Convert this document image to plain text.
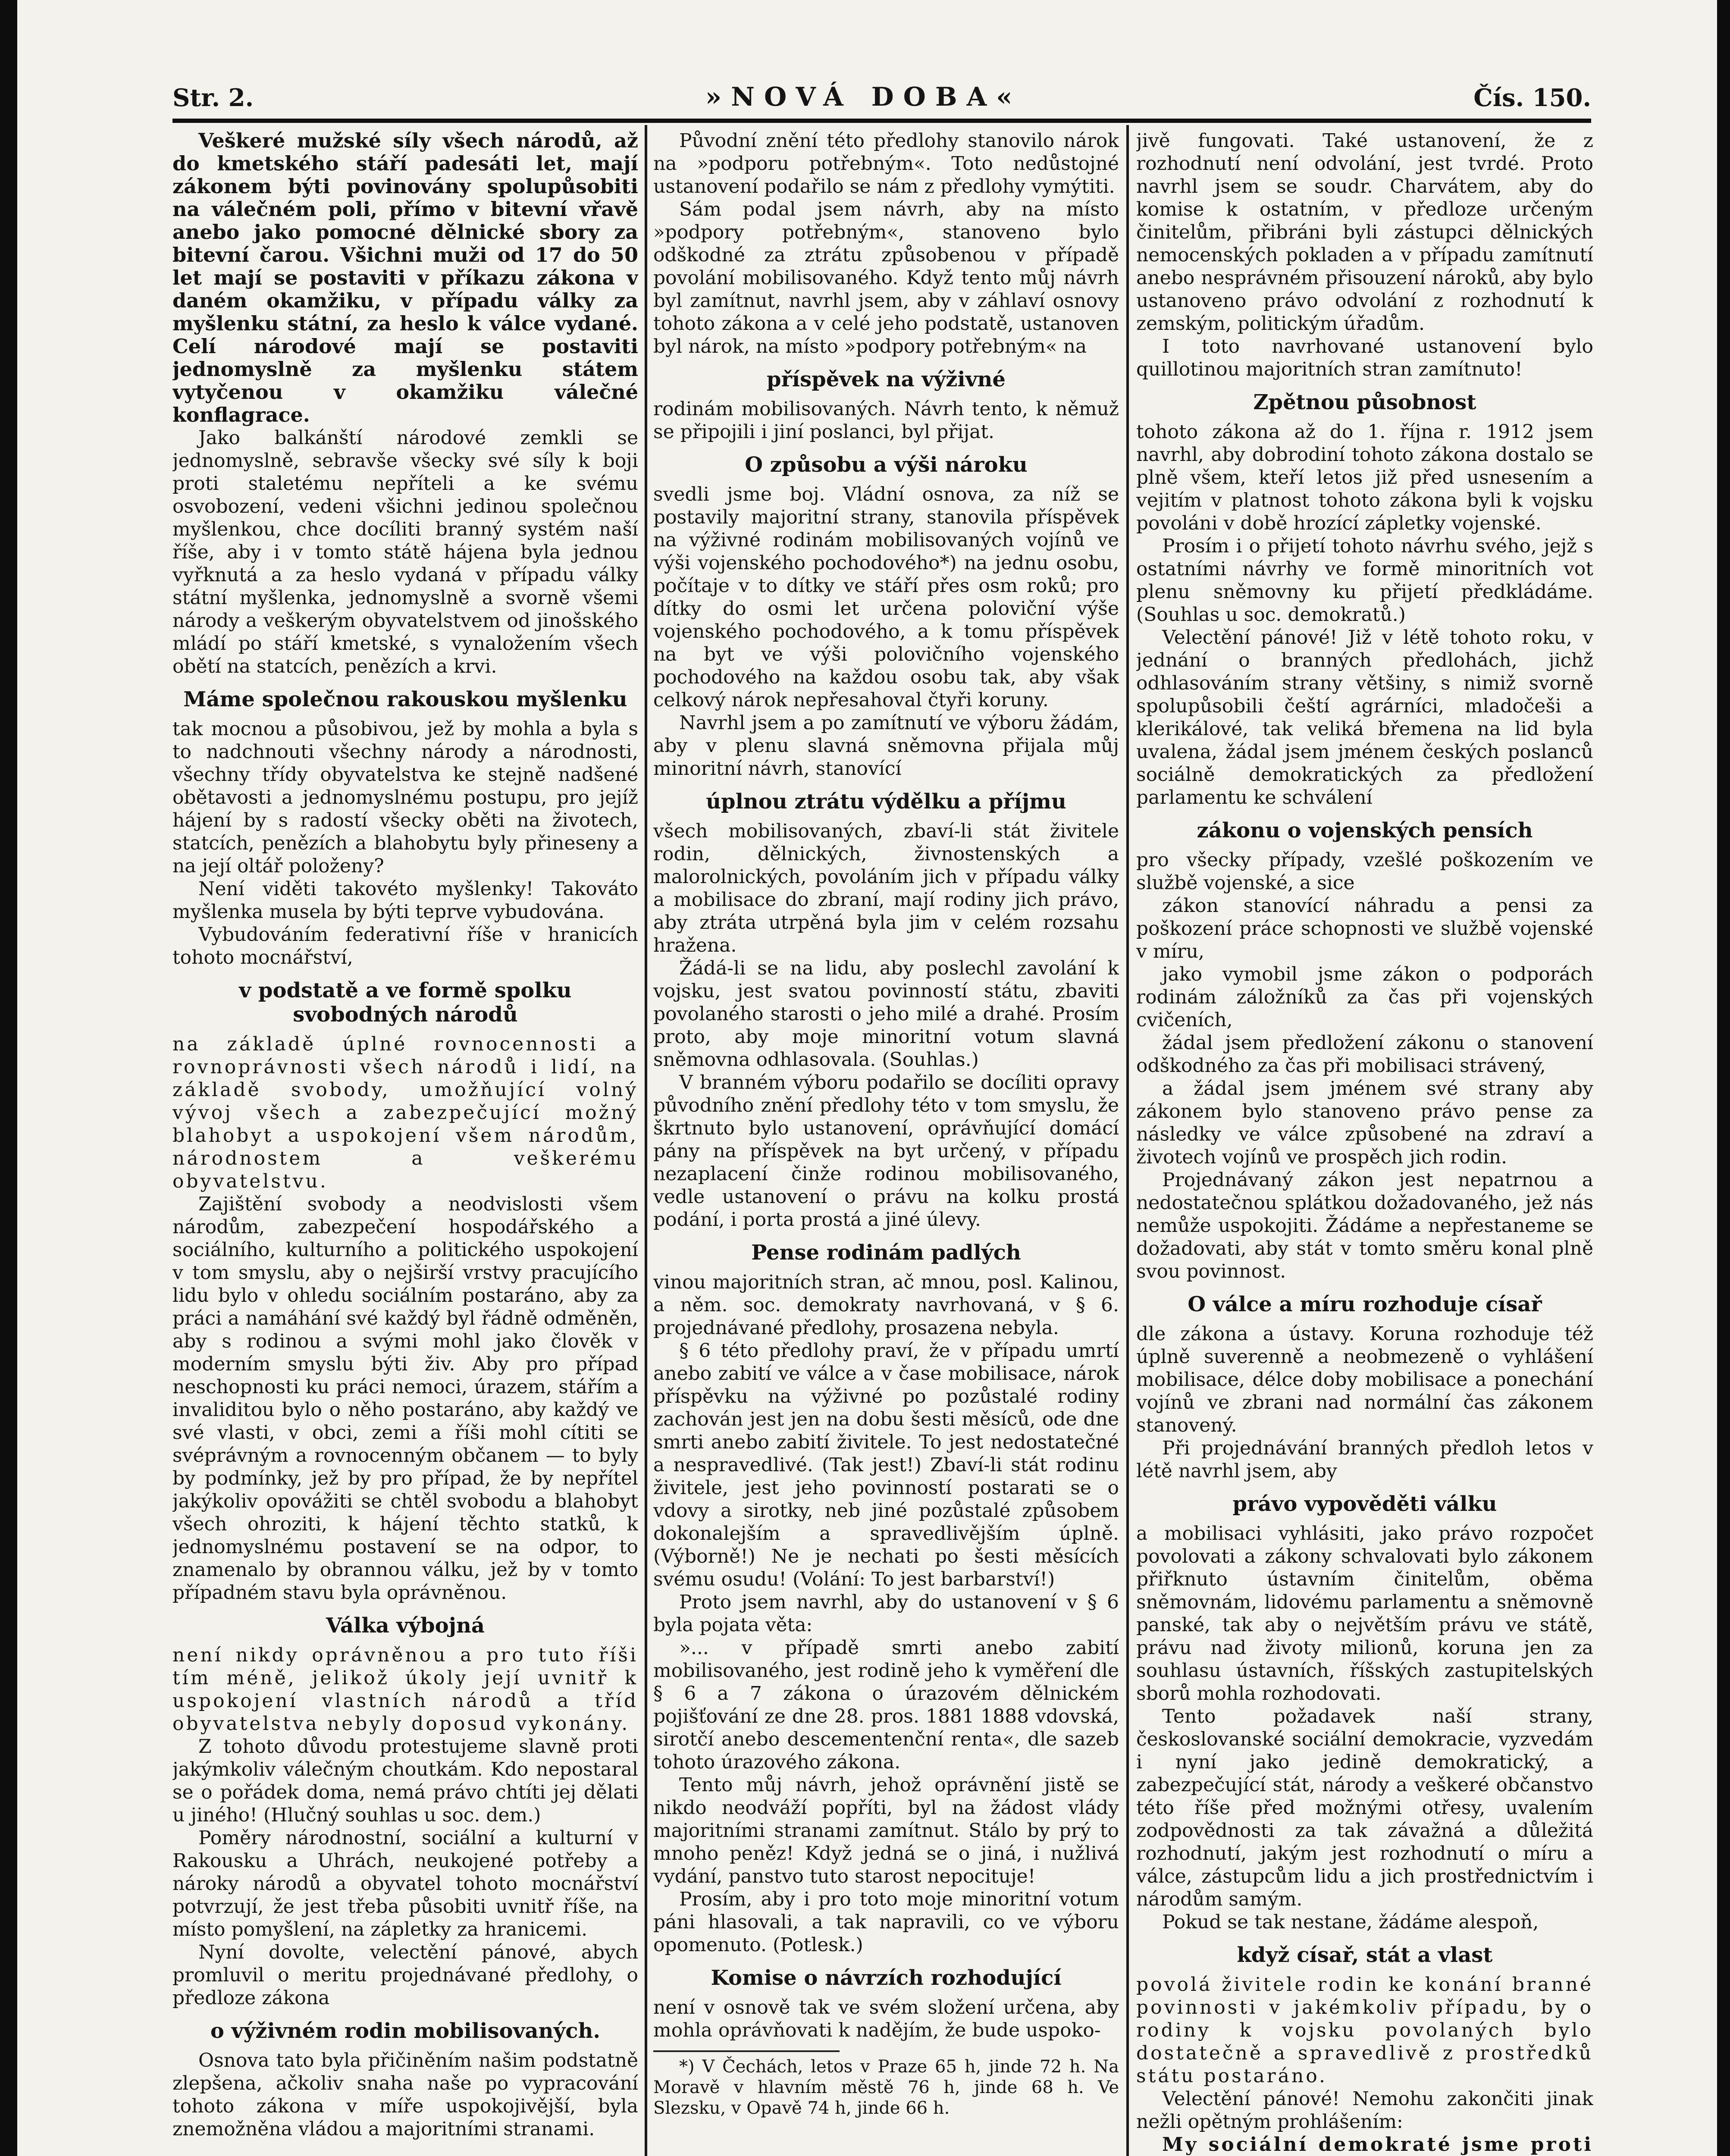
Str. 2.	»NOVÁ DOBA«	Čís. 150.

Veškeré mužské síly všech národů, až do kmetského stáří padesáti let, mají zákonem býti povinovány spolupůsobiti na válečném poli, přímo v bitevní vřavě anebo jako pomocné dělnické sbory za bitevní čarou. Všichni muži od 17 do 50 let mají se postaviti v příkazu zákona v daném okamžiku, v případu války za myšlenku státní, za heslo k válce vydané. Celí národové mají se postaviti jednomyslně za myšlenku státem vytyčenou v okamžiku válečné konflagrace.

Jako balkánští národové zemkli se jednomyslně, sebravše všecky své síly k boji proti staletému nepříteli a ke svému osvobození, vedeni všichni jedinou společnou myšlenkou, chce docíliti branný systém naší říše, aby i v tomto státě hájena byla jednou vyřknutá a za heslo vydaná v případu války státní myšlenka, jednomyslně a svorně všemi národy a veškerým obyvatelstvem od jinošského mládí po stáří kmetské, s vynaložením všech obětí na statcích, penězích a krvi.

Máme společnou rakouskou myšlenku

tak mocnou a působivou, jež by mohla a byla s to nadchnouti všechny národy a národnosti, všechny třídy obyvatelstva ke stejně nadšené obětavosti a jednomyslnému postupu, pro jejíž hájení by s radostí všecky oběti na životech, statcích, penězích a blahobytu byly přineseny a na její oltář položeny?

Není viděti takovéto myšlenky! Takováto myšlenka musela by býti teprve vybudována.

Vybudováním federativní říše v hranicích tohoto mocnářství,

v podstatě a ve formě spolku svobodných národů

na základě úplné rovnocennosti a rovnoprávnosti všech národů i lidí, na základě svobody, umožňující volný vývoj všech a zabezpečující možný blahobyt a uspokojení všem národům, národnostem a veškerému obyvatelstvu.

Zajištění svobody a neodvislosti všem národům, zabezpečení hospodářského a sociálního, kulturního a politického uspokojení v tom smyslu, aby o nejširší vrstvy pracujícího lidu bylo v ohledu sociálním postaráno, aby za práci a namáhání své každý byl řádně odměněn, aby s rodinou a svými mohl jako člověk v moderním smyslu býti živ. Aby pro případ neschopnosti ku práci nemoci, úrazem, stářím a invaliditou bylo o něho postaráno, aby každý ve své vlasti, v obci, zemi a říši mohl cítiti se svéprávným a rovnocenným občanem — to byly by podmínky, jež by pro případ, že by nepřítel jakýkoliv opovážiti se chtěl svobodu a blahobyt všech ohroziti, k hájení těchto statků, k jednomyslnému postavení se na odpor, to znamenalo by obrannou válku, jež by v tomto případném stavu byla oprávněnou.

Válka výbojná

není nikdy oprávněnou a pro tuto říši tím méně, jelikož úkoly její uvnitř k uspokojení vlastních národů a tříd obyvatelstva nebyly doposud vykonány.

Z tohoto důvodu protestujeme slavně proti jakýmkoliv válečným choutkám. Kdo nepostaral se o pořádek doma, nemá právo chtíti jej dělati u jiného! (Hlučný souhlas u soc. dem.)

Poměry národnostní, sociální a kulturní v Rakousku a Uhrách, neukojené potřeby a nároky národů a obyvatel tohoto mocnářství potvrzují, že jest třeba působiti uvnitř říše, na místo pomyšlení, na zápletky za hranicemi.

Nyní dovolte, velectění pánové, abych promluvil o meritu projednávané předlohy, o předloze zákona

o výživném rodin mobilisovaných.

Osnova tato byla přičiněním našim podstatně zlepšena, ačkoliv snaha naše po vypracování tohoto zákona v míře uspokojivější, byla znemožněna vládou a majoritními stranami.

Původní znění této předlohy stanovilo nárok na »podporu potřebným«. Toto nedůstojné ustanovení podařilo se nám z předlohy vymýtiti.

Sám podal jsem návrh, aby na místo »podpory potřebným«, stanoveno bylo odškodné za ztrátu způsobenou v případě povolání mobilisovaného. Když tento můj návrh byl zamítnut, navrhl jsem, aby v záhlaví osnovy tohoto zákona a v celé jeho podstatě, ustanoven byl nárok, na místo »podpory potřebným« na

příspěvek na výživné

rodinám mobilisovaných. Návrh tento, k němuž se připojili i jiní poslanci, byl přijat.

O způsobu a výši nároku

svedli jsme boj. Vládní osnova, za níž se postavily majoritní strany, stanovila příspěvek na výživné rodinám mobilisovaných vojínů ve výši vojenského pochodového*) na jednu osobu, počítaje v to dítky ve stáří přes osm roků; pro dítky do osmi let určena poloviční výše vojenského pochodového, a k tomu příspěvek na byt ve výši polovičního vojenského pochodového na každou osobu tak, aby však celkový nárok nepřesahoval čtyři koruny.

Navrhl jsem a po zamítnutí ve výboru žádám, aby v plenu slavná sněmovna přijala můj minoritní návrh, stanovící

úplnou ztrátu výdělku a příjmu

všech mobilisovaných, zbaví-li stát živitele rodin, dělnických, živnostenských a malorolnických, povoláním jich v případu války a mobilisace do zbraní, mají rodiny jich právo, aby ztráta utrpěná byla jim v celém rozsahu hražena.

Žádá-li se na lidu, aby poslechl zavolání k vojsku, jest svatou povinností státu, zbaviti povolaného starosti o jeho milé a drahé. Prosím proto, aby moje minoritní votum slavná sněmovna odhlasovala. (Souhlas.)

V branném výboru podařilo se docíliti opravy původního znění předlohy této v tom smyslu, že škrtnuto bylo ustanovení, oprávňující domácí pány na příspěvek na byt určený, v případu nezaplacení činže rodinou mobilisovaného, vedle ustanovení o právu na kolku prostá podání, i porta prostá a jiné úlevy.

Pense rodinám padlých

vinou majoritních stran, ač mnou, posl. Kalinou, a něm. soc. demokraty navrhovaná, v § 6. projednávané předlohy, prosazena nebyla.

§ 6 této předlohy praví, že v případu umrtí anebo zabití ve válce a v čase mobilisace, nárok příspěvku na výživné po pozůstalé rodiny zachován jest jen na dobu šesti měsíců, ode dne smrti anebo zabití živitele. To jest nedostatečné a nespravedlivé. (Tak jest!) Zbaví-li stát rodinu živitele, jest jeho povinností postarati se o vdovy a sirotky, neb jiné pozůstalé způsobem dokonalejším a spravedlivějším úplně. (Výborně!) Ne je nechati po šesti měsících svému osudu! (Volání: To jest barbarství!)

Proto jsem navrhl, aby do ustanovení v § 6 byla pojata věta:

»... v případě smrti anebo zabití mobilisovaného, jest rodině jeho k vyměření dle § 6 a 7 zákona o úrazovém dělnickém pojišťování ze dne 28. pros. 1881 1888 vdovská, sirotčí anebo descementenční renta«, dle sazeb tohoto úrazového zákona.

Tento můj návrh, jehož oprávnění jistě se nikdo neodváží popříti, byl na žádost vlády majoritními stranami zamítnut. Stálo by prý to mnoho peněz! Když jedná se o jiná, i nužlivá vydání, panstvo tuto starost nepocituje!

Prosím, aby i pro toto moje minoritní votum páni hlasovali, a tak napravili, co ve výboru opomenuto. (Potlesk.)

Komise o návrzích rozhodující

není v osnově tak ve svém složení určena, aby mohla oprávňovati k nadějím, že bude uspoko-

*) V Čechách, letos v Praze 65 h, jinde 72 h. Na Moravě v hlavním městě 76 h, jinde 68 h. Ve Slezsku, v Opavě 74 h, jinde 66 h.

jivě fungovati. Také ustanovení, že z rozhodnutí není odvolání, jest tvrdé. Proto navrhl jsem se soudr. Charvátem, aby do komise k ostatním, v předloze určeným činitelům, přibráni byli zástupci dělnických nemocenských pokladen a v případu zamítnutí anebo nesprávném přisouzení nároků, aby bylo ustanoveno právo odvolání z rozhodnutí k zemským, politickým úřadům.

I toto navrhované ustanovení bylo quillotinou majoritních stran zamítnuto!

Zpětnou působnost

tohoto zákona až do 1. října r. 1912 jsem navrhl, aby dobrodiní tohoto zákona dostalo se plně všem, kteří letos již před usnesením a vejitím v platnost tohoto zákona byli k vojsku povoláni v době hrozící zápletky vojenské.

Prosím i o přijetí tohoto návrhu svého, jejž s ostatními návrhy ve formě minoritních vot plenu sněmovny ku přijetí předkládáme. (Souhlas u soc. demokratů.)

Velectění pánové! Již v létě tohoto roku, v jednání o branných předlohách, jichž odhlasováním strany většiny, s nimiž svorně spolupůsobili čeští agrárníci, mladočeši a klerikálové, tak veliká břemena na lid byla uvalena, žádal jsem jménem českých poslanců sociálně demokratických za předložení parlamentu ke schválení

zákonu o vojenských pensích

pro všecky případy, vzešlé poškozením ve službě vojenské, a sice

zákon stanovící náhradu a pensi za poškození práce schopnosti ve službě vojenské v míru,

jako vymobil jsme zákon o podporách rodinám záložníků za čas při vojenských cvičeních,

žádal jsem předložení zákonu o stanovení odškodného za čas při mobilisaci strávený,

a žádal jsem jménem své strany aby zákonem bylo stanoveno právo pense za následky ve válce způsobené na zdraví a životech vojínů ve prospěch jich rodin.

Projednávaný zákon jest nepatrnou a nedostatečnou splátkou dožadovaného, jež nás nemůže uspokojiti. Žádáme a nepřestaneme se dožadovati, aby stát v tomto směru konal plně svou povinnost.

O válce a míru rozhoduje císař

dle zákona a ústavy. Koruna rozhoduje též úplně suverenně a neobmezeně o vyhlášení mobilisace, délce doby mobilisace a ponechání vojínů ve zbrani nad normální čas zákonem stanovený.

Při projednávání branných předloh letos v létě navrhl jsem, aby

právo vypověděti válku

a mobilisaci vyhlásiti, jako právo rozpočet povolovati a zákony schvalovati bylo zákonem přiřknuto ústavním činitelům, oběma sněmovnám, lidovému parlamentu a sněmovně panské, tak aby o největším právu ve státě, právu nad životy milionů, koruna jen za souhlasu ústavních, říšských zastupitelských sborů mohla rozhodovati.

Tento požadavek naší strany, českoslovanské sociální demokracie, vyzvedám i nyní jako jedině demokratický, a zabezpečující stát, národy a veškeré občanstvo této říše před možnými otřesy, uvalením zodpovědnosti za tak závažná a důležitá rozhodnutí, jakým jest rozhodnutí o míru a válce, zástupcům lidu a jich prostřednictvím i národům samým.

Pokud se tak nestane, žádáme alespoň,

když císař, stát a vlast

povolá živitele rodin ke konání branné povinnosti v jakémkoliv případu, by o rodiny k vojsku povolaných bylo dostatečně a spravedlivě z prostředků státu postaráno.

Velectění pánové! Nemohu zakončiti jinak nežli opětným prohlášením:

My sociální demokraté jsme proti
